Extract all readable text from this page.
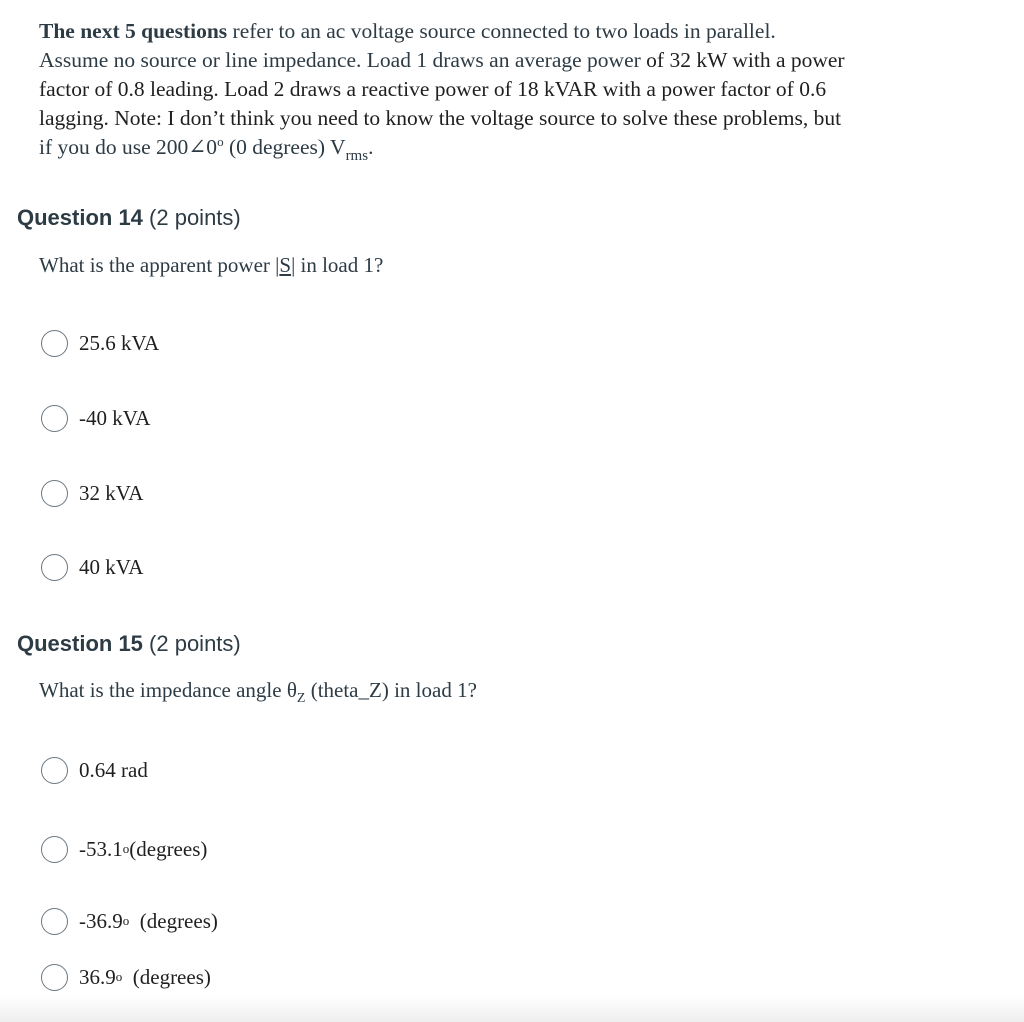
The next 5 questions refer to an ac voltage source connected to two loads in parallel.
Assume no source or line impedance. Load 1 draws an average power of 32 kW with a power
factor of 0.8 leading. Load 2 draws a reactive power of 18 kVAR with a power factor of 0.6
lagging. Note: I don’t think you need to know the voltage source to solve these problems, but
if you do use 200∠0$^o$ (0 degrees) $V_{rms}$.
Question 14 (2 points)
What is the apparent power |S| in load 1?
25.6 kVA
-40 kVA
32 kVA
40 kVA
Question 15 (2 points)
What is the impedance angle $\theta_Z$ (theta_Z) in load 1?
0.64 rad
-53.1 o (degrees)
-36.9 o (degrees)
36.9 o (degrees)
